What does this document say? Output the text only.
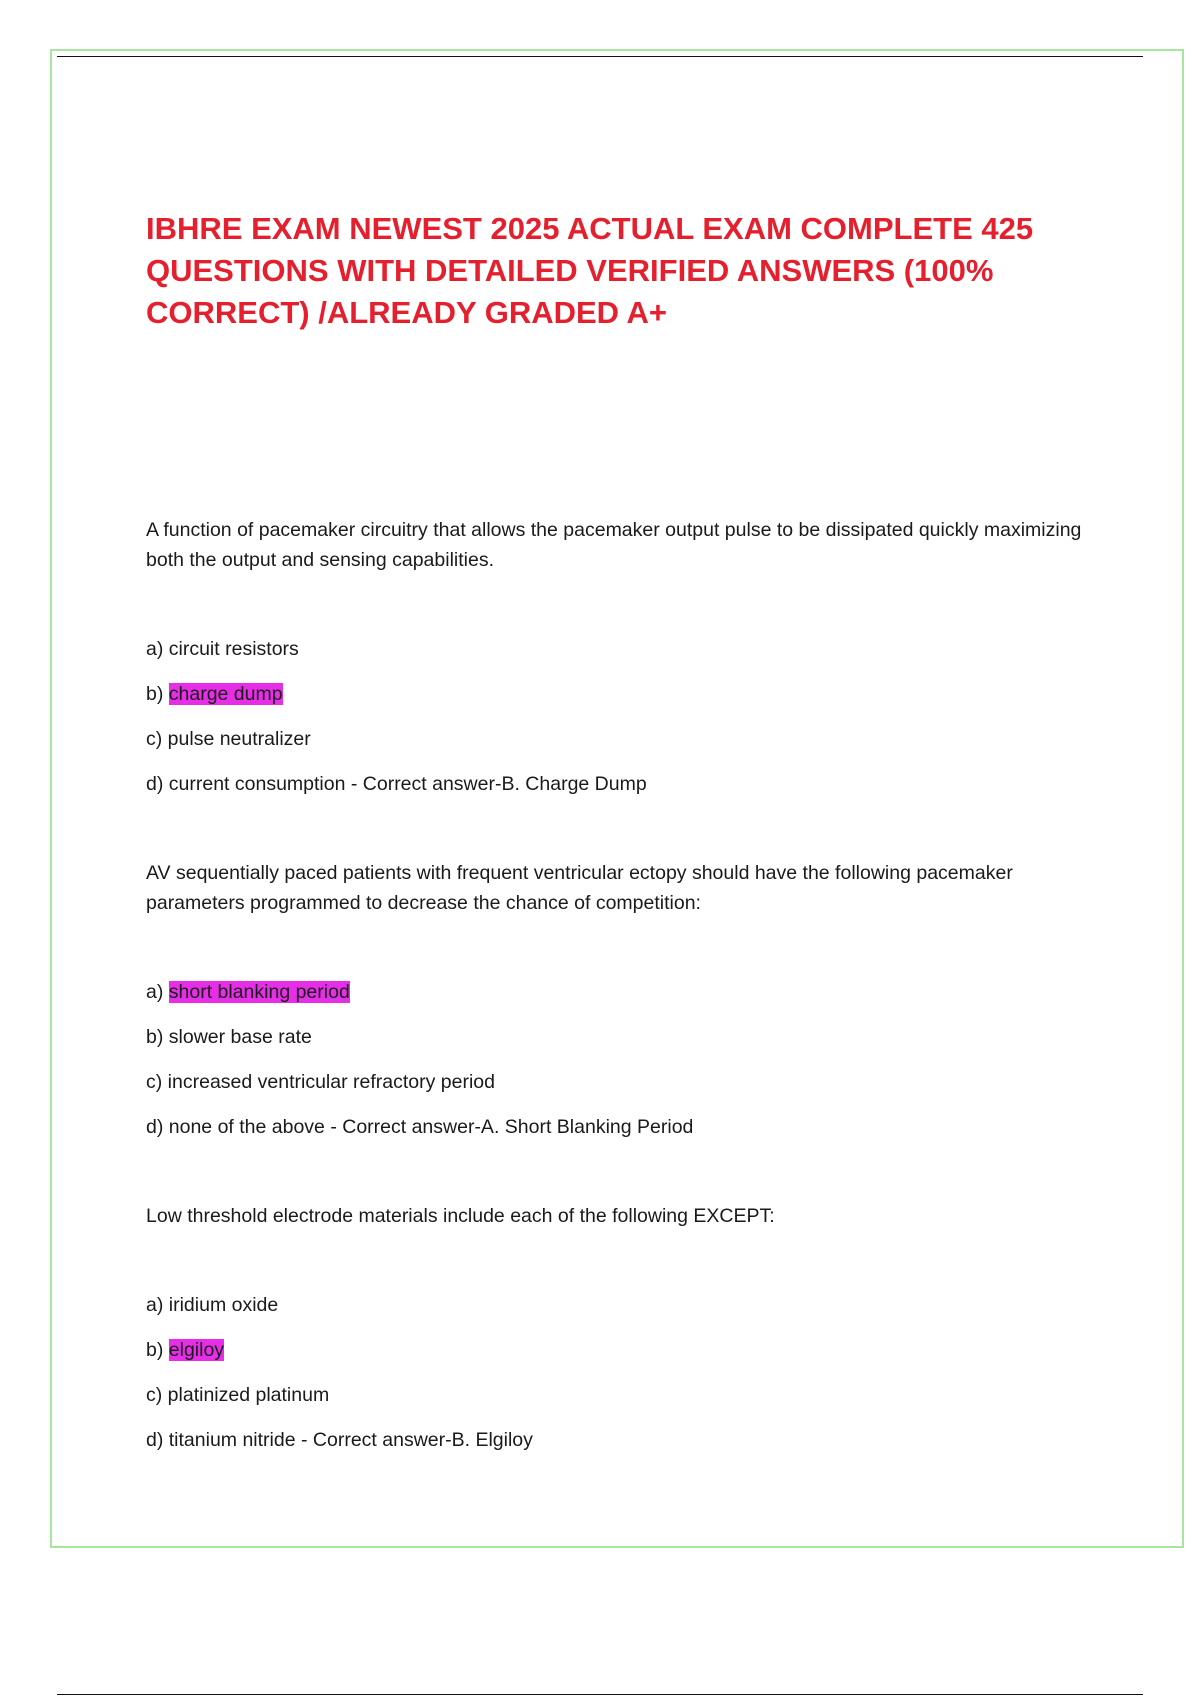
IBHRE EXAM NEWEST 2025 ACTUAL EXAM COMPLETE 425 QUESTIONS WITH DETAILED VERIFIED ANSWERS (100% CORRECT) /ALREADY GRADED A+

A function of pacemaker circuitry that allows the pacemaker output pulse to be dissipated quickly maximizing both the output and sensing capabilities.

a) circuit resistors
b) charge dump
c) pulse neutralizer
d) current consumption - Correct answer-B. Charge Dump

AV sequentially paced patients with frequent ventricular ectopy should have the following pacemaker parameters programmed to decrease the chance of competition:

a) short blanking period
b) slower base rate
c) increased ventricular refractory period
d) none of the above - Correct answer-A. Short Blanking Period

Low threshold electrode materials include each of the following EXCEPT:

a) iridium oxide
b) elgiloy
c) platinized platinum
d) titanium nitride - Correct answer-B. Elgiloy
